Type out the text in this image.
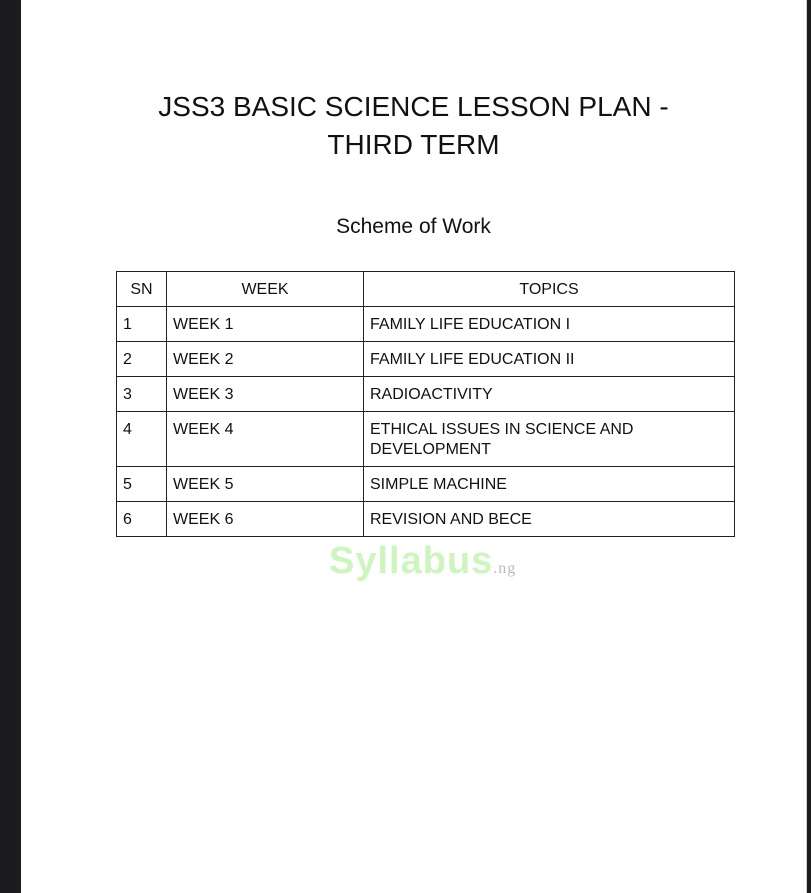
JSS3 BASIC SCIENCE LESSON PLAN -
THIRD TERM
Scheme of Work
SN	WEEK	TOPICS
1	WEEK 1	FAMILY LIFE EDUCATION I
2	WEEK 2	FAMILY LIFE EDUCATION II
3	WEEK 3	RADIOACTIVITY
4	WEEK 4	ETHICAL ISSUES IN SCIENCE AND DEVELOPMENT
5	WEEK 5	SIMPLE MACHINE
6	WEEK 6	REVISION AND BECE
Syllabus.ng
